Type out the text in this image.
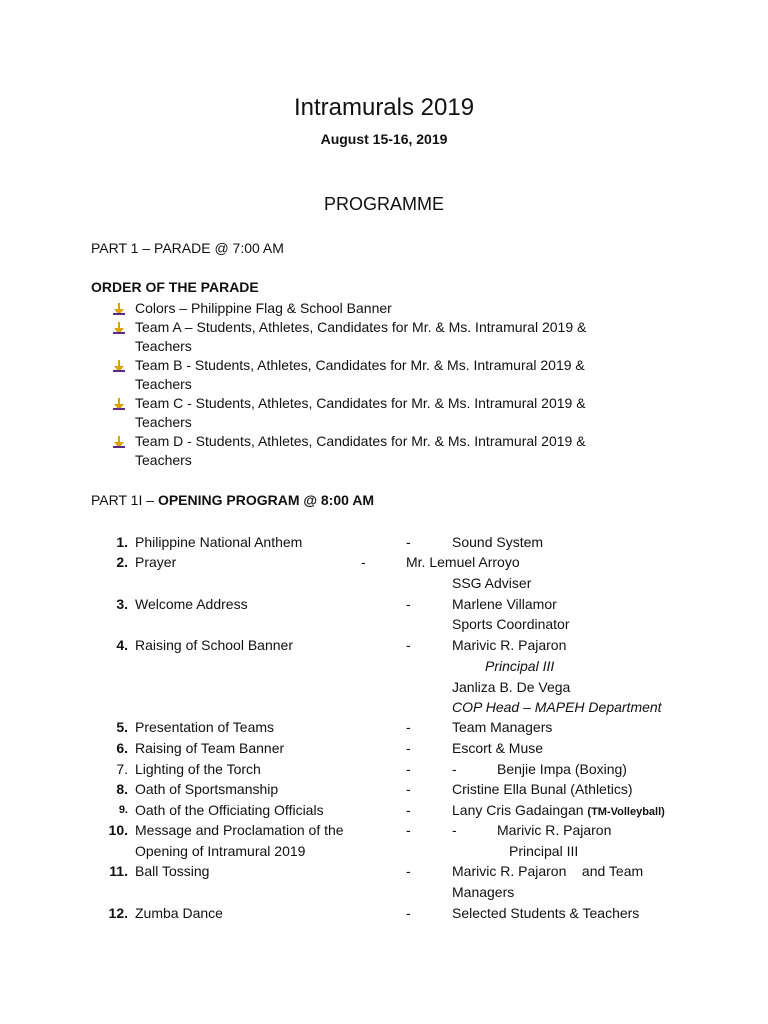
Intramurals 2019
August 15-16, 2019
PROGRAMME
PART 1 – PARADE @ 7:00 AM
ORDER OF THE PARADE
Colors – Philippine Flag & School Banner
Team A – Students, Athletes, Candidates for Mr. & Ms. Intramural 2019 &
Teachers
Team B - Students, Athletes, Candidates for Mr. & Ms. Intramural 2019 &
Teachers
Team C - Students, Athletes, Candidates for Mr. & Ms. Intramural 2019 &
Teachers
Team D - Students, Athletes, Candidates for Mr. & Ms. Intramural 2019 &
Teachers
PART 1I – OPENING PROGRAM @ 8:00 AM
1. Philippine National Anthem	-	Sound System
2. Prayer	-	Mr. Lemuel Arroyo
SSG Adviser
3. Welcome Address	-	Marlene Villamor
Sports Coordinator
4. Raising of School Banner	-	Marivic R. Pajaron
Principal III
Janliza B. De Vega
COP Head – MAPEH Department
5. Presentation of Teams	-	Team Managers
6. Raising of Team Banner	-	Escort & Muse
7. Lighting of the Torch	-	-	Benjie Impa (Boxing)
8. Oath of Sportsmanship	-	Cristine Ella Bunal (Athletics)
9. Oath of the Officiating Officials	-	Lany Cris Gadaingan (TM-Volleyball)
10. Message and Proclamation of the	-	-	Marivic R. Pajaron
Opening of Intramural 2019	Principal III
11. Ball Tossing	-	Marivic R. Pajaron    and Team
Managers
12. Zumba Dance	-	Selected Students & Teachers
